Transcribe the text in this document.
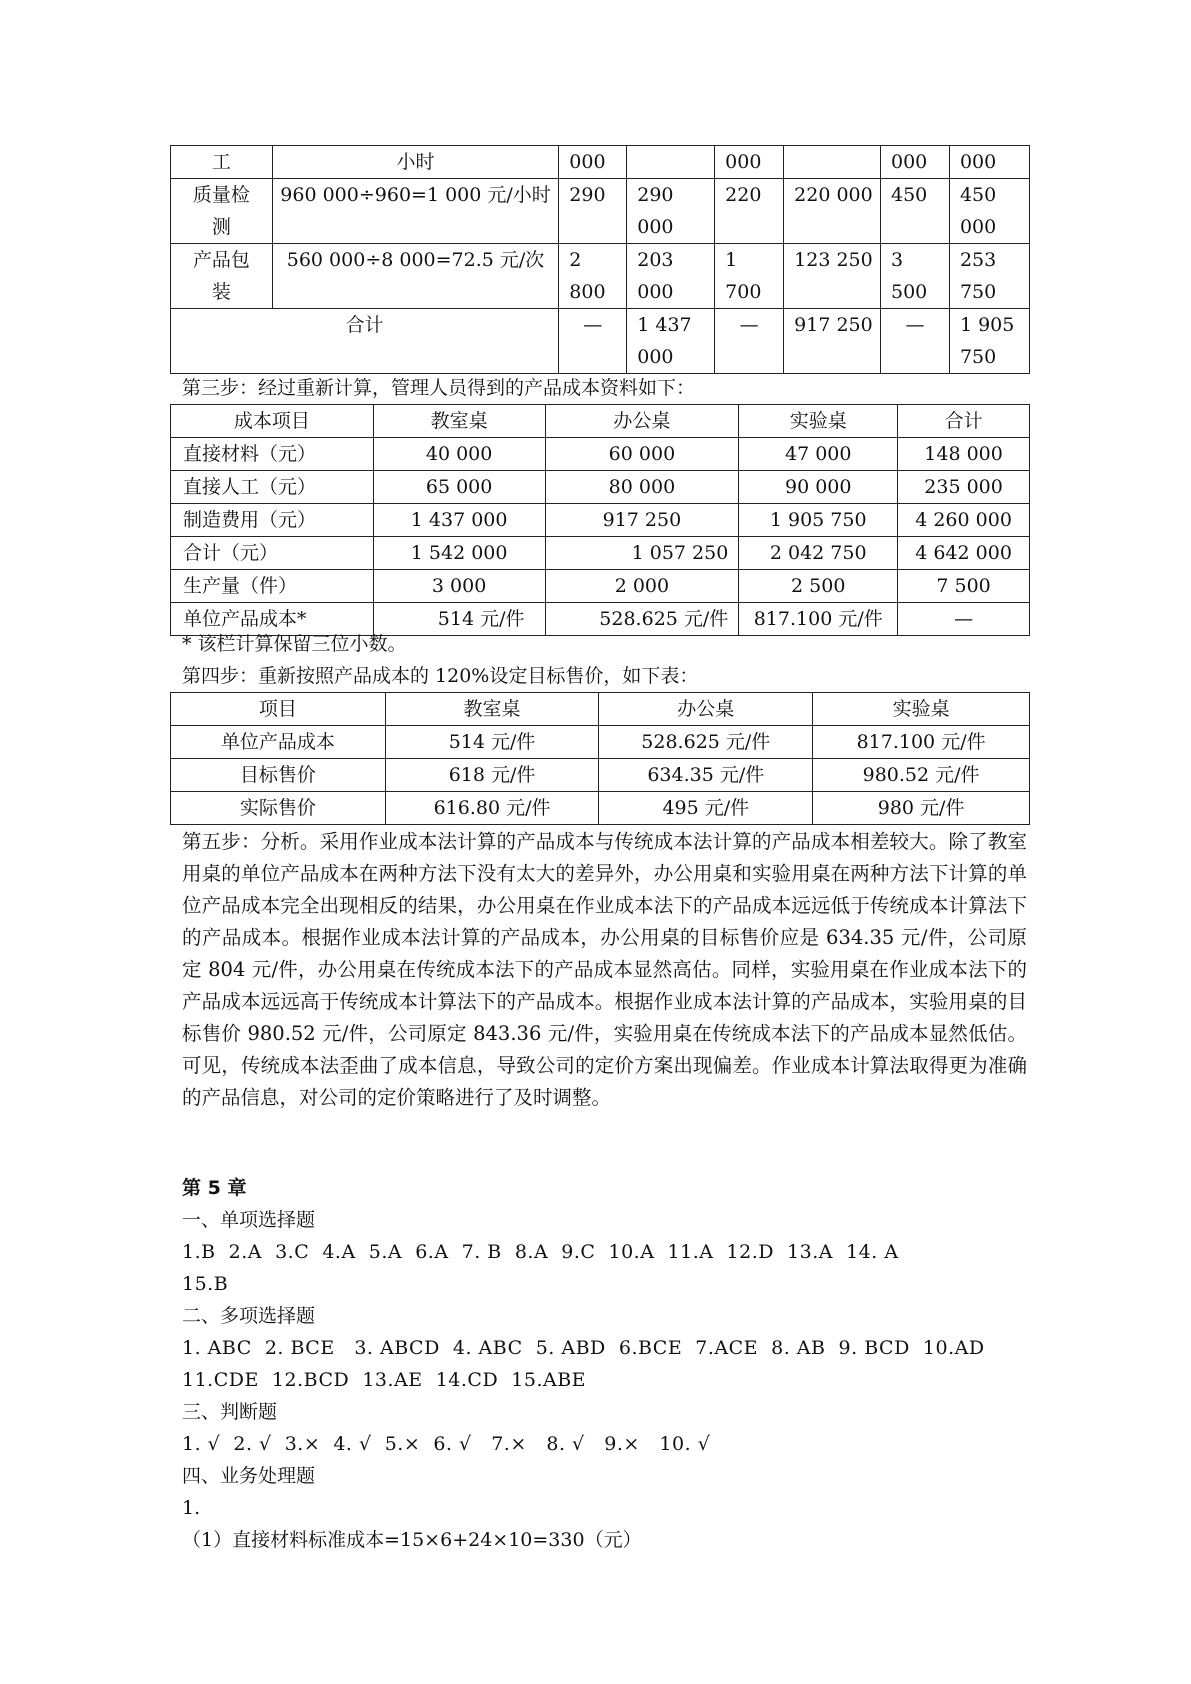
工	小时	000		000		000	000
质量检测	960 000÷960=1 000 元/小时	290	290 000	220	220 000	450	450 000
产品包装	560 000÷8 000=72.5 元/次	2 800	203 000	1 700	123 250	3 500	253 750
合计		—	1 437 000	—	917 250	—	1 905 750
第三步：经过重新计算，管理人员得到的产品成本资料如下：
成本项目	教室桌	办公桌	实验桌	合计
直接材料（元）	40 000	60 000	47 000	148 000
直接人工（元）	65 000	80 000	90 000	235 000
制造费用（元）	1 437 000	917 250	1 905 750	4 260 000
合计（元）	1 542 000	1 057 250	2 042 750	4 642 000
生产量（件）	3 000	2 000	2 500	7 500
单位产品成本*	514 元/件	528.625 元/件	817.100 元/件	—
* 该栏计算保留三位小数。
第四步：重新按照产品成本的 120%设定目标售价，如下表：
项目	教室桌	办公桌	实验桌
单位产品成本	514 元/件	528.625 元/件	817.100 元/件
目标售价	618 元/件	634.35 元/件	980.52 元/件
实际售价	616.80 元/件	495 元/件	980 元/件
第五步：分析。采用作业成本法计算的产品成本与传统成本法计算的产品成本相差较大。除了教室用桌的单位产品成本在两种方法下没有太大的差异外，办公用桌和实验用桌在两种方法下计算的单位产品成本完全出现相反的结果，办公用桌在作业成本法下的产品成本远远低于传统成本计算法下的产品成本。根据作业成本法计算的产品成本，办公用桌的目标售价应是 634.35 元/件，公司原定 804 元/件，办公用桌在传统成本法下的产品成本显然高估。同样，实验用桌在作业成本法下的产品成本远远高于传统成本计算法下的产品成本。根据作业成本法计算的产品成本，实验用桌的目标售价 980.52 元/件，公司原定 843.36 元/件，实验用桌在传统成本法下的产品成本显然低估。可见，传统成本法歪曲了成本信息，导致公司的定价方案出现偏差。作业成本计算法取得更为准确的产品信息，对公司的定价策略进行了及时调整。
第 5 章
一、单项选择题
1.B  2.A  3.C  4.A  5.A  6.A  7. B  8.A  9.C  10.A  11.A  12.D  13.A  14. A
15.B
二、多项选择题
1. ABC  2. BCE   3. ABCD  4. ABC  5. ABD  6.BCE  7.ACE  8. AB  9. BCD  10.AD
11.CDE  12.BCD  13.AE  14.CD  15.ABE
三、判断题
1. √  2. √  3.×  4. √  5.×  6. √   7.×   8. √   9.×   10. √
四、业务处理题
1.
（1）直接材料标准成本=15×6+24×10=330（元）
